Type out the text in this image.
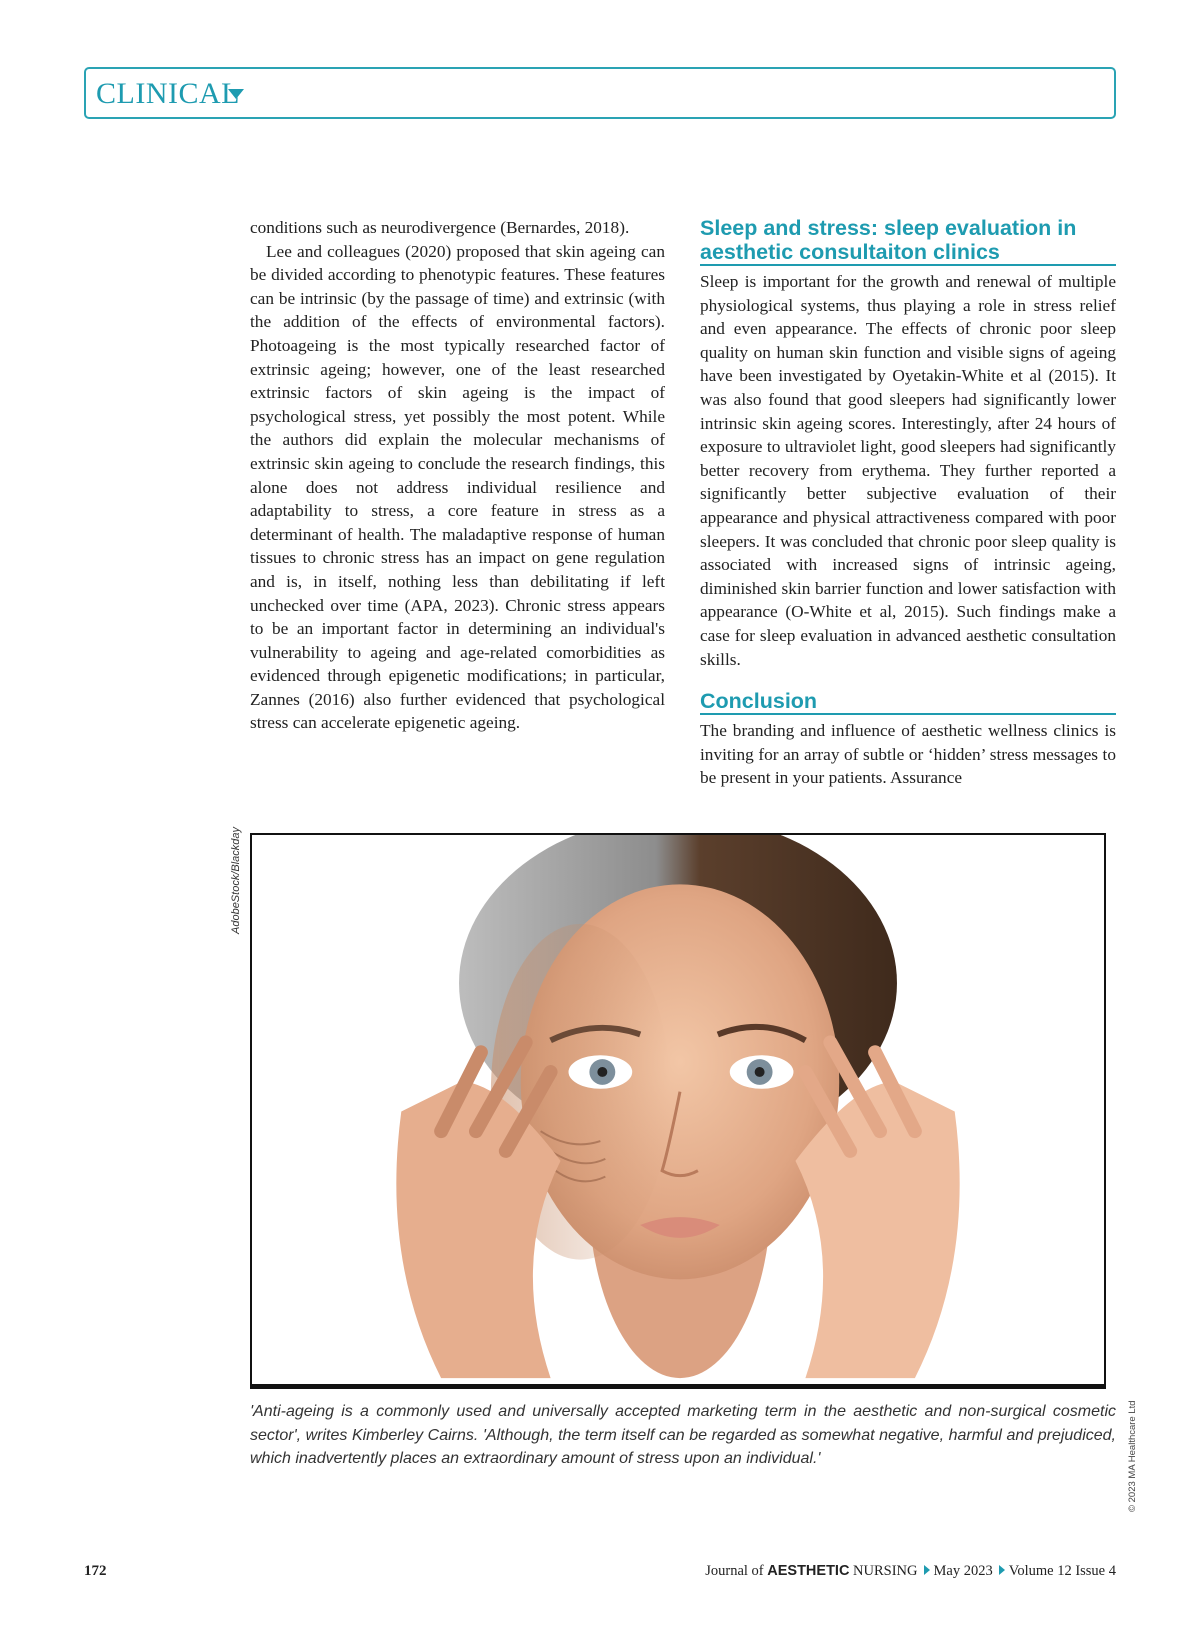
CLINICAL

conditions such as neurodivergence (Bernardes, 2018).

Lee and colleagues (2020) proposed that skin ageing can be divided according to phenotypic features. These features can be intrinsic (by the passage of time) and extrinsic (with the addition of the effects of environmental factors). Photoageing is the most typically researched factor of extrinsic ageing; however, one of the least researched extrinsic factors of skin ageing is the impact of psychological stress, yet possibly the most potent. While the authors did explain the molecular mechanisms of extrinsic skin ageing to conclude the research findings, this alone does not address individual resilience and adaptability to stress, a core feature in stress as a determinant of health. The maladaptive response of human tissues to chronic stress has an impact on gene regulation and is, in itself, nothing less than debilitating if left unchecked over time (APA, 2023). Chronic stress appears to be an important factor in determining an individual's vulnerability to ageing and age-related comorbidities as evidenced through epigenetic modifications; in particular, Zannes (2016) also further evidenced that psychological stress can accelerate epigenetic ageing.

Sleep and stress: sleep evaluation in aesthetic consultaiton clinics

Sleep is important for the growth and renewal of multiple physiological systems, thus playing a role in stress relief and even appearance. The effects of chronic poor sleep quality on human skin function and visible signs of ageing have been investigated by Oyetakin-White et al (2015). It was also found that good sleepers had significantly lower intrinsic skin ageing scores. Interestingly, after 24 hours of exposure to ultraviolet light, good sleepers had significantly better recovery from erythema. They further reported a significantly better subjective evaluation of their appearance and physical attractiveness compared with poor sleepers. It was concluded that chronic poor sleep quality is associated with increased signs of intrinsic ageing, diminished skin barrier function and lower satisfaction with appearance (O-White et al, 2015). Such findings make a case for sleep evaluation in advanced aesthetic consultation skills.

Conclusion

The branding and influence of aesthetic wellness clinics is inviting for an array of subtle or ‘hidden’ stress messages to be present in your patients. Assurance

AdobeStock/Blackday
'Anti-ageing is a commonly used and universally accepted marketing term in the aesthetic and non-surgical cosmetic sector', writes Kimberley Cairns. 'Although, the term itself can be regarded as somewhat negative, harmful and prejudiced, which inadvertently places an extraordinary amount of stress upon an individual.'	© 2023 MA Healthcare Ltd
172	Journal of AESTHETIC NURSING May 2023 Volume 12 Issue 4
